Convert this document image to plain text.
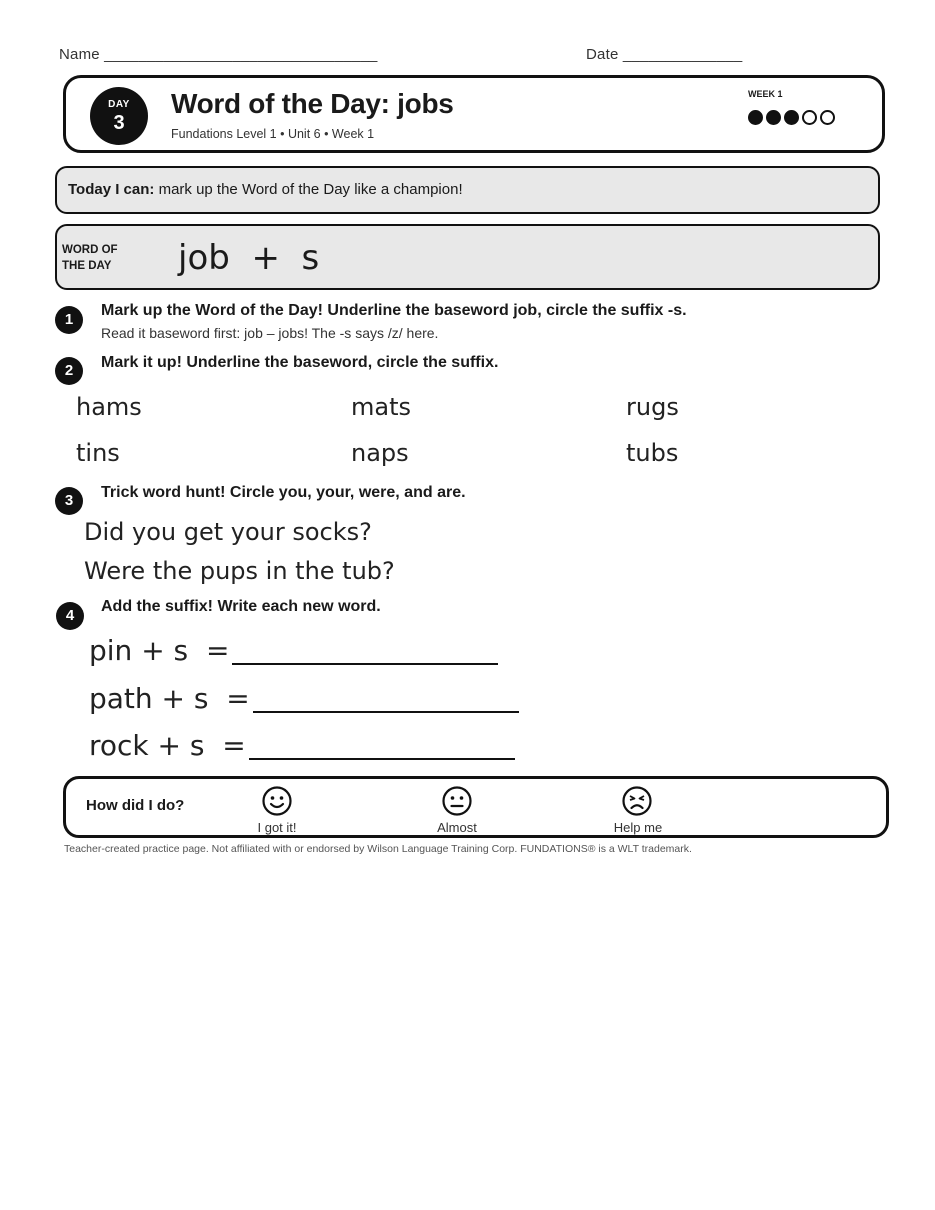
Name ________________________________	Date ______________
DAY
3
Word of the Day: jobs
Fundations Level 1 • Unit 6 • Week 1
WEEK 1
Today I can: mark up the Word of the Day like a champion!
WORD OF
THE DAY	job  +  s
1
Mark up the Word of the Day! Underline the baseword job, circle the suffix -s.
Read it baseword first: job – jobs! The -s says /z/ here.
2	Mark it up! Underline the baseword, circle the suffix.
hams	mats	rugs
tins	naps	tubs
3	Trick word hunt! Circle you, your, were, and are.
Did you get your socks?
Were the pups in the tub?
4
Add the suffix! Write each new word.
pin + s  =
path + s  =
rock + s  =
How did I do?
I got it!	Almost	Help me
Teacher-created practice page. Not affiliated with or endorsed by Wilson Language Training Corp. FUNDATIONS® is a WLT trademark.
